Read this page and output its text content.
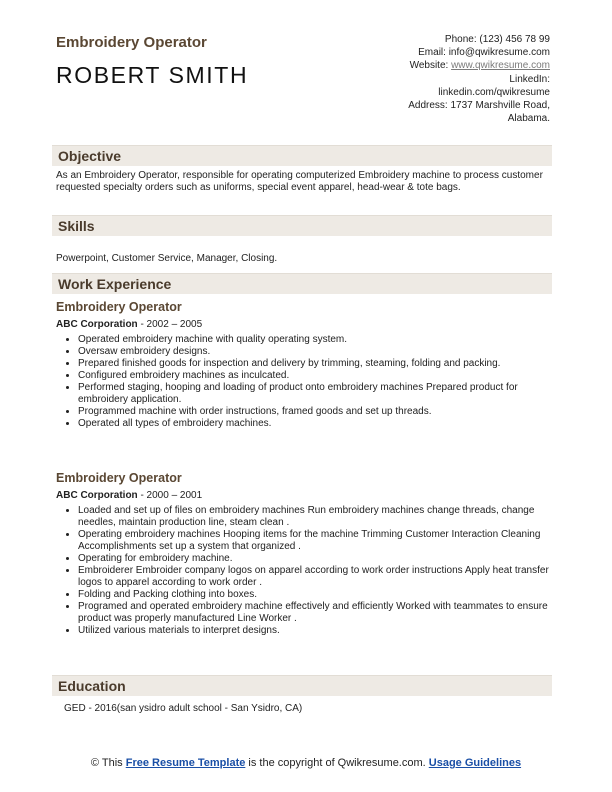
Embroidery Operator
ROBERT SMITH
Phone: (123) 456 78 99
Email: info@qwikresume.com
Website: www.qwikresume.com
LinkedIn:
linkedin.com/qwikresume
Address: 1737 Marshville Road,
Alabama.
Objective
As an Embroidery Operator, responsible for operating computerized Embroidery machine to process customer requested specialty orders such as uniforms, special event apparel, head-wear & tote bags.
Skills
Powerpoint, Customer Service, Manager, Closing.
Work Experience
Embroidery Operator
ABC Corporation - 2002 – 2005
• Operated embroidery machine with quality operating system.
• Oversaw embroidery designs.
• Prepared finished goods for inspection and delivery by trimming, steaming, folding and packing.
• Configured embroidery machines as inculcated.
• Performed staging, hooping and loading of product onto embroidery machines Prepared product for embroidery application.
• Programmed machine with order instructions, framed goods and set up threads.
• Operated all types of embroidery machines.
Embroidery Operator
ABC Corporation - 2000 – 2001
• Loaded and set up of files on embroidery machines Run embroidery machines change threads, change needles, maintain production line, steam clean .
• Operating embroidery machines Hooping items for the machine Trimming Customer Interaction Cleaning Accomplishments set up a system that organized .
• Operating for embroidery machine.
• Embroiderer Embroider company logos on apparel according to work order instructions Apply heat transfer logos to apparel according to work order .
• Folding and Packing clothing into boxes.
• Programed and operated embroidery machine effectively and efficiently Worked with teammates to ensure product was properly manufactured Line Worker .
• Utilized various materials to interpret designs.
Education
GED - 2016(san ysidro adult school - San Ysidro, CA)
© This Free Resume Template is the copyright of Qwikresume.com. Usage Guidelines
